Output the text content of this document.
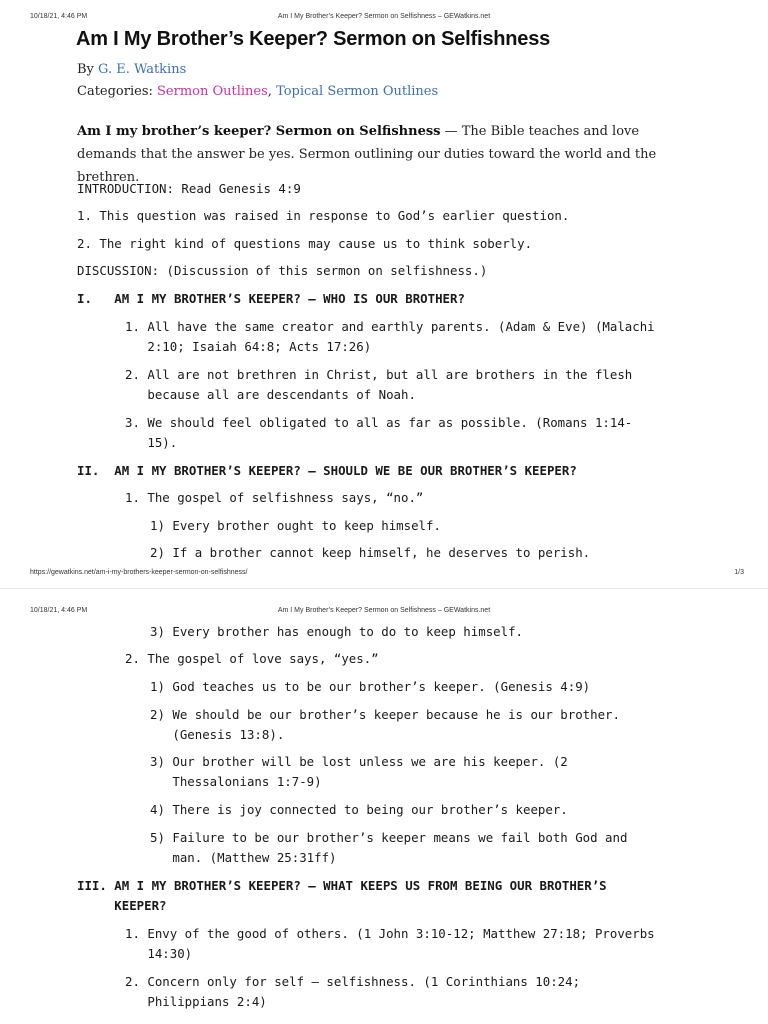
10/18/21, 4:46 PM	Am I My Brother’s Keeper? Sermon on Selfishness – GEWatkins.net
Am I My Brother’s Keeper? Sermon on Selfishness
By G. E. Watkins
Categories: Sermon Outlines, Topical Sermon Outlines
Am I my brother’s keeper? Sermon on Selfishness — The Bible teaches and love
demands that the answer be yes. Sermon outlining our duties toward the world and the brethren.
INTRODUCTION: Read Genesis 4:9
1. This question was raised in response to God’s earlier question.
2. The right kind of questions may cause us to think soberly.
DISCUSSION: (Discussion of this sermon on selfishness.)
I.   AM I MY BROTHER’S KEEPER? – WHO IS OUR BROTHER?
1. All have the same creator and earthly parents. (Adam & Eve) (Malachi
2:10; Isaiah 64:8; Acts 17:26)
2. All are not brethren in Christ, but all are brothers in the flesh
because all are descendants of Noah.
3. We should feel obligated to all as far as possible. (Romans 1:14-
15).
II.  AM I MY BROTHER’S KEEPER? – SHOULD WE BE OUR BROTHER’S KEEPER?
1. The gospel of selfishness says, “no.”
1) Every brother ought to keep himself.
2) If a brother cannot keep himself, he deserves to perish.
https://gewatkins.net/am-i-my-brothers-keeper-sermon-on-selfishness/	1/3
10/18/21, 4:46 PM	Am I My Brother’s Keeper? Sermon on Selfishness – GEWatkins.net
3) Every brother has enough to do to keep himself.
2. The gospel of love says, “yes.”
1) God teaches us to be our brother’s keeper. (Genesis 4:9)
2) We should be our brother’s keeper because he is our brother.
(Genesis 13:8).
3) Our brother will be lost unless we are his keeper. (2
Thessalonians 1:7-9)
4) There is joy connected to being our brother’s keeper.
5) Failure to be our brother’s keeper means we fail both God and
man. (Matthew 25:31ff)
III. AM I MY BROTHER’S KEEPER? – WHAT KEEPS US FROM BEING OUR BROTHER’S
KEEPER?
1. Envy of the good of others. (1 John 3:10-12; Matthew 27:18; Proverbs
14:30)
2. Concern only for self – selfishness. (1 Corinthians 10:24;
Philippians 2:4)
